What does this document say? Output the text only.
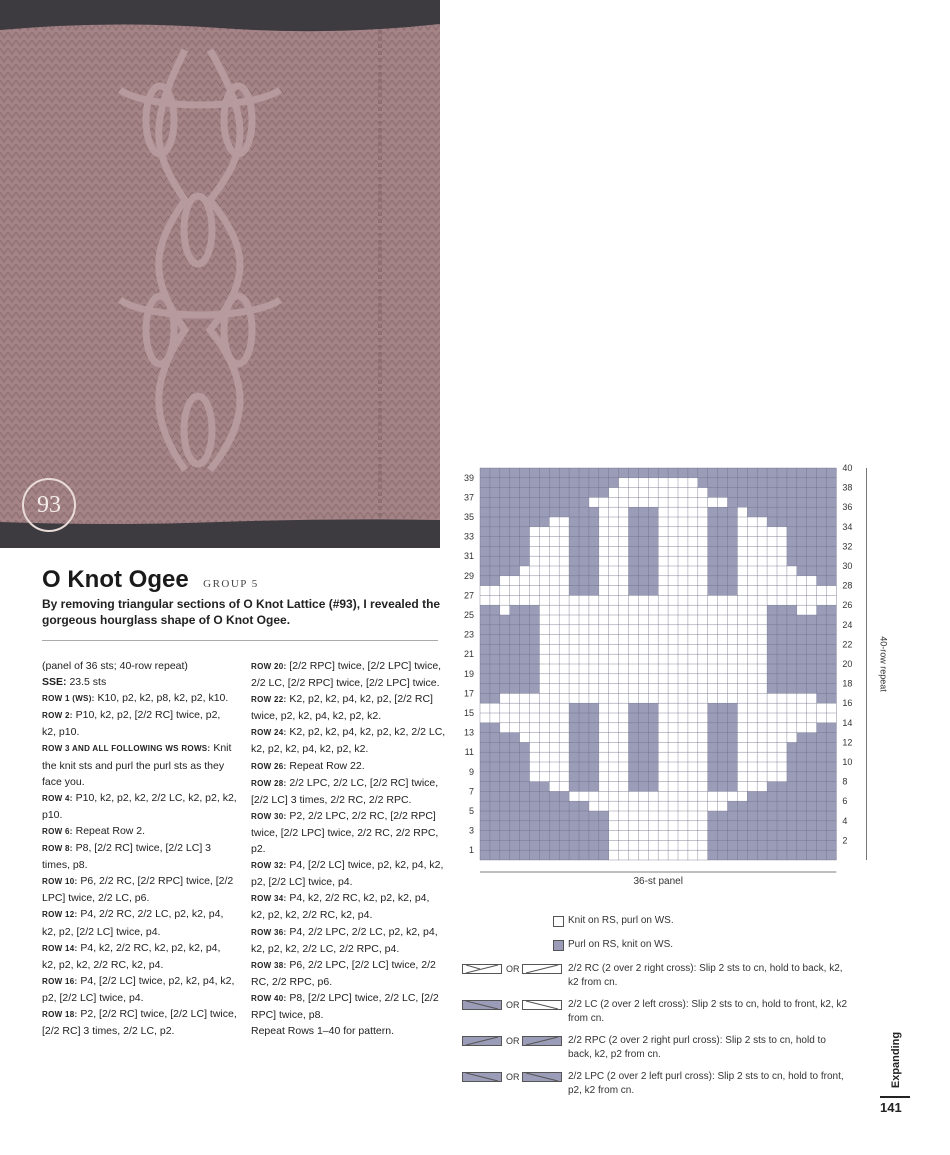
93
O Knot Ogee GROUP 5
By removing triangular sections of O Knot Lattice (#93), I revealed the gorgeous hourglass shape of O Knot Ogee.

(panel of 36 sts; 40-row repeat)

SSE: 23.5 sts

ROW 1 (WS): K10, p2, k2, p8, k2, p2, k10.

ROW 2: P10, k2, p2, [2/2 RC] twice, p2, k2, p10.

ROW 3 AND ALL FOLLOWING WS ROWS: Knit the knit sts and purl the purl sts as they face you.

ROW 4: P10, k2, p2, k2, 2/2 LC, k2, p2, k2, p10.

ROW 6: Repeat Row 2.

ROW 8: P8, [2/2 RC] twice, [2/2 LC] 3 times, p8.

ROW 10: P6, 2/2 RC, [2/2 RPC] twice, [2/2 LPC] twice, 2/2 LC, p6.

ROW 12: P4, 2/2 RC, 2/2 LC, p2, k2, p4, k2, p2, [2/2 LC] twice, p4.

ROW 14: P4, k2, 2/2 RC, k2, p2, k2, p4, k2, p2, k2, 2/2 RC, k2, p4.

ROW 16: P4, [2/2 LC] twice, p2, k2, p4, k2, p2, [2/2 LC] twice, p4.

ROW 18: P2, [2/2 RC] twice, [2/2 LC] twice, [2/2 RC] 3 times, 2/2 LC, p2.

ROW 20: [2/2 RPC] twice, [2/2 LPC] twice, 2/2 LC, [2/2 RPC] twice, [2/2 LPC] twice.

ROW 22: K2, p2, k2, p4, k2, p2, [2/2 RC] twice, p2, k2, p4, k2, p2, k2.

ROW 24: K2, p2, k2, p4, k2, p2, k2, 2/2 LC, k2, p2, k2, p4, k2, p2, k2.

ROW 26: Repeat Row 22.

ROW 28: 2/2 LPC, 2/2 LC, [2/2 RC] twice, [2/2 LC] 3 times, 2/2 RC, 2/2 RPC.

ROW 30: P2, 2/2 LPC, 2/2 RC, [2/2 RPC] twice, [2/2 LPC] twice, 2/2 RC, 2/2 RPC, p2.

ROW 32: P4, [2/2 LC] twice, p2, k2, p4, k2, p2, [2/2 LC] twice, p4.

ROW 34: P4, k2, 2/2 RC, k2, p2, k2, p4, k2, p2, k2, 2/2 RC, k2, p4.

ROW 36: P4, 2/2 LPC, 2/2 LC, p2, k2, p4, k2, p2, k2, 2/2 LC, 2/2 RPC, p4.

ROW 38: P6, 2/2 LPC, [2/2 LC] twice, 2/2 RC, 2/2 RPC, p6.

ROW 40: P8, [2/2 LPC] twice, 2/2 LC, [2/2 RPC] twice, p8.

Repeat Rows 1–40 for pattern.

39
37
35
33
31
29
27
25
23
21
19
17
15
13
11
9
7
5
3
1
40
38
36
34
32
30
28
26
24
22
20
18
16
14
12
10
8
6
4
2
40-row repeat
36-st panel
Knit on RS, purl on WS.
Purl on RS, knit on WS.
OR	2/2 RC (2 over 2 right cross): Slip 2 sts to cn, hold to back, k2, k2 from cn.
OR	2/2 LC (2 over 2 left cross): Slip 2 sts to cn, hold to front, k2, k2 from cn.
OR	2/2 RPC (2 over 2 right purl cross): Slip 2 sts to cn, hold to back, k2, p2 from cn.
OR	2/2 LPC (2 over 2 left purl cross): Slip 2 sts to cn, hold to front, p2, k2 from cn.
Expanding
141
